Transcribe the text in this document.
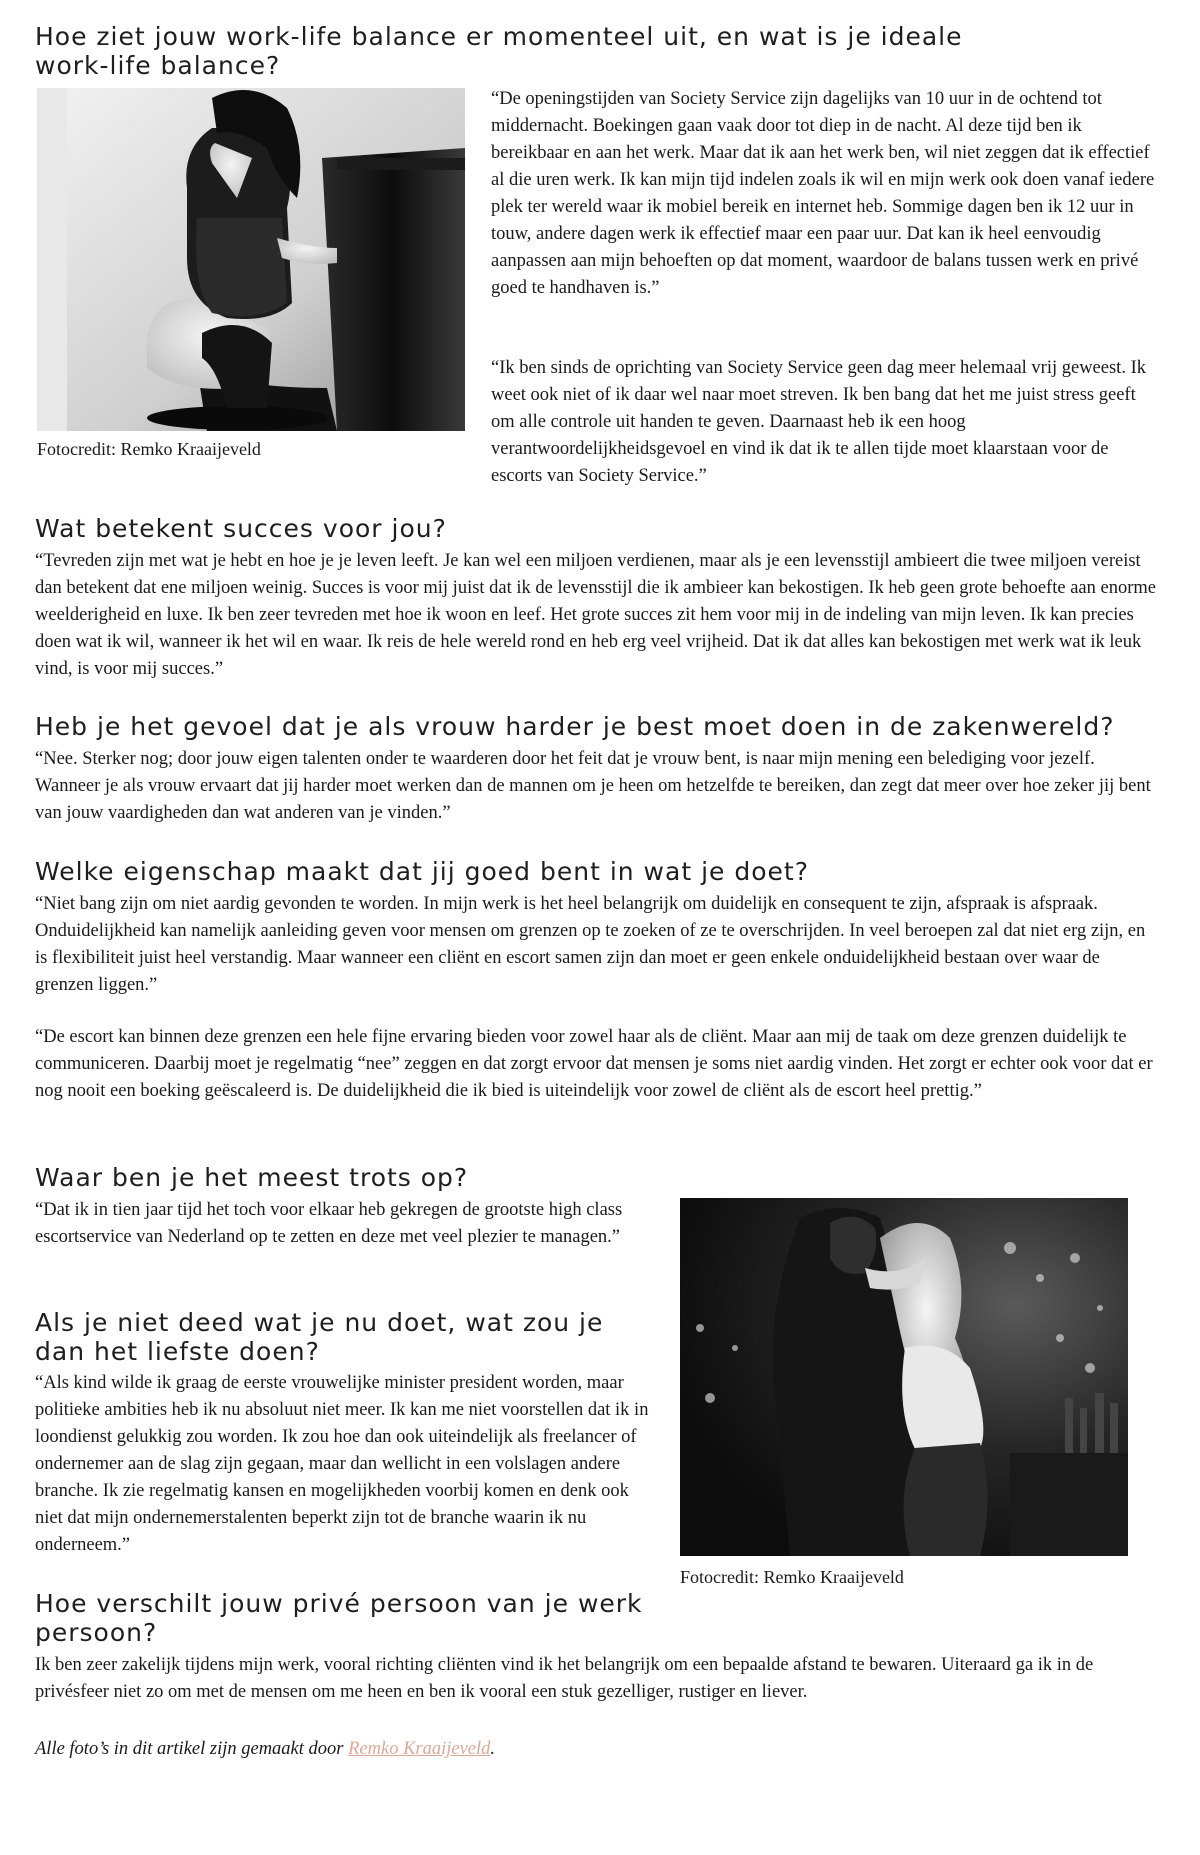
Hoe ziet jouw work-life balance er momenteel uit, en wat is je ideale work-life balance?
Fotocredit: Remko Kraaijeveld

“De openingstijden van Society Service zijn dagelijks van 10 uur in de ochtend tot middernacht. Boekingen gaan vaak door tot diep in de nacht. Al deze tijd ben ik bereikbaar en aan het werk. Maar dat ik aan het werk ben, wil niet zeggen dat ik effectief al die uren werk. Ik kan mijn tijd indelen zoals ik wil en mijn werk ook doen vanaf iedere plek ter wereld waar ik mobiel bereik en internet heb. Sommige dagen ben ik 12 uur in touw, andere dagen werk ik effectief maar een paar uur. Dat kan ik heel eenvoudig aanpassen aan mijn behoeften op dat moment, waardoor de balans tussen werk en privé goed te handhaven is.”

“Ik ben sinds de oprichting van Society Service geen dag meer helemaal vrij geweest. Ik weet ook niet of ik daar wel naar moet streven. Ik ben bang dat het me juist stress geeft om alle controle uit handen te geven. Daarnaast heb ik een hoog verantwoordelijkheidsgevoel en vind ik dat ik te allen tijde moet klaarstaan voor de escorts van Society Service.”

Wat betekent succes voor jou?

“Tevreden zijn met wat je hebt en hoe je je leven leeft. Je kan wel een miljoen verdienen, maar als je een levensstijl ambieert die twee miljoen vereist dan betekent dat ene miljoen weinig. Succes is voor mij juist dat ik de levensstijl die ik ambieer kan bekostigen. Ik heb geen grote behoefte aan enorme weelderigheid en luxe. Ik ben zeer tevreden met hoe ik woon en leef. Het grote succes zit hem voor mij in de indeling van mijn leven. Ik kan precies doen wat ik wil, wanneer ik het wil en waar. Ik reis de hele wereld rond en heb erg veel vrijheid. Dat ik dat alles kan bekostigen met werk wat ik leuk vind, is voor mij succes.”

Heb je het gevoel dat je als vrouw harder je best moet doen in de zakenwereld?

“Nee. Sterker nog; door jouw eigen talenten onder te waarderen door het feit dat je vrouw bent, is naar mijn mening een belediging voor jezelf. Wanneer je als vrouw ervaart dat jij harder moet werken dan de mannen om je heen om hetzelfde te bereiken, dan zegt dat meer over hoe zeker jij bent van jouw vaardigheden dan wat anderen van je vinden.”

Welke eigenschap maakt dat jij goed bent in wat je doet?

“Niet bang zijn om niet aardig gevonden te worden. In mijn werk is het heel belangrijk om duidelijk en consequent te zijn, afspraak is afspraak. Onduidelijkheid kan namelijk aanleiding geven voor mensen om grenzen op te zoeken of ze te overschrijden. In veel beroepen zal dat niet erg zijn, en is flexibiliteit juist heel verstandig. Maar wanneer een cliënt en escort samen zijn dan moet er geen enkele onduidelijkheid bestaan over waar de grenzen liggen.”

“De escort kan binnen deze grenzen een hele fijne ervaring bieden voor zowel haar als de cliënt. Maar aan mij de taak om deze grenzen duidelijk te communiceren. Daarbij moet je regelmatig “nee” zeggen en dat zorgt ervoor dat mensen je soms niet aardig vinden. Het zorgt er echter ook voor dat er nog nooit een boeking geëscaleerd is. De duidelijkheid die ik bied is uiteindelijk voor zowel de cliënt als de escort heel prettig.”

Waar ben je het meest trots op?

“Dat ik in tien jaar tijd het toch voor elkaar heb gekregen de grootste high class escortservice van Nederland op te zetten en deze met veel plezier te managen.”

Fotocredit: Remko Kraaijeveld
Als je niet deed wat je nu doet, wat zou je dan het liefste doen?

“Als kind wilde ik graag de eerste vrouwelijke minister president worden, maar politieke ambities heb ik nu absoluut niet meer. Ik kan me niet voorstellen dat ik in loondienst gelukkig zou worden. Ik zou hoe dan ook uiteindelijk als freelancer of ondernemer aan de slag zijn gegaan, maar dan wellicht in een volslagen andere branche. Ik zie regelmatig kansen en mogelijkheden voorbij komen en denk ook niet dat mijn ondernemerstalenten beperkt zijn tot de branche waarin ik nu onderneem.”

Hoe verschilt jouw privé persoon van je werk persoon?

Ik ben zeer zakelijk tijdens mijn werk, vooral richting cliënten vind ik het belangrijk om een bepaalde afstand te bewaren. Uiteraard ga ik in de privésfeer niet zo om met de mensen om me heen en ben ik vooral een stuk gezelliger, rustiger en liever.

Alle foto’s in dit artikel zijn gemaakt door Remko Kraaijeveld.
